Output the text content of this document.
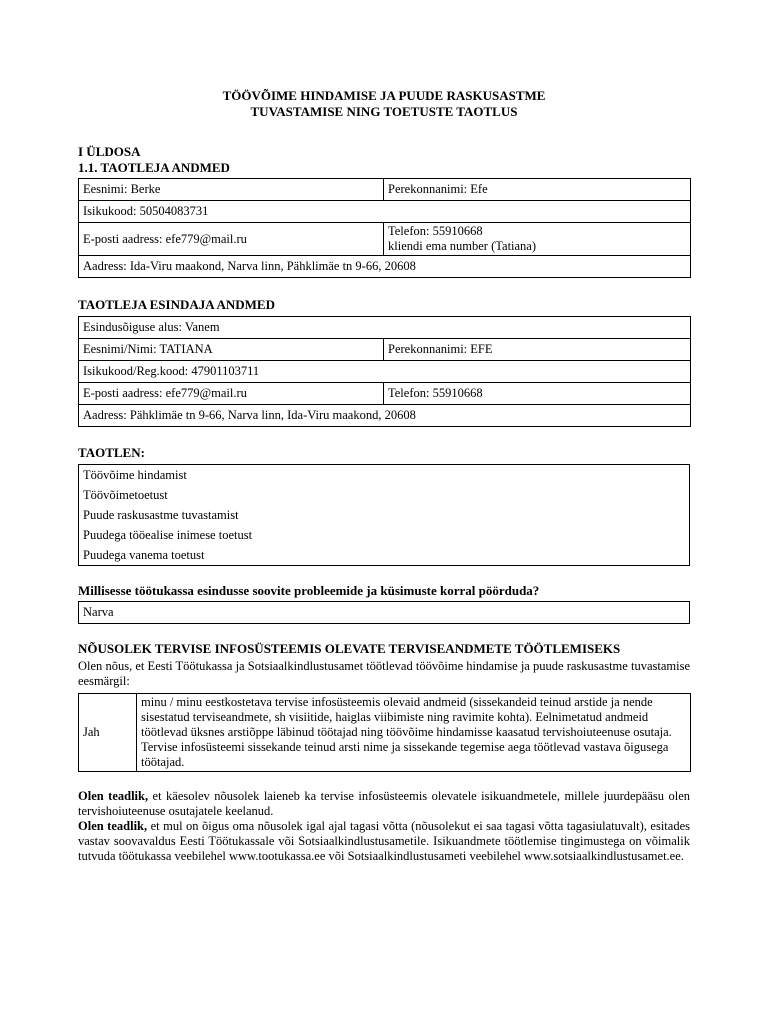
TÖÖVÕIME HINDAMISE JA PUUDE RASKUSASTME
TUVASTAMISE NING TOETUSTE TAOTLUS
I ÜLDOSA
1.1. TAOTLEJA ANDMED
Eesnimi: Berke	Perekonnanimi: Efe
Isikukood: 50504083731	
E-posti aadress: efe779@mail.ru	Telefon: 55910668
kliendi ema number (Tatiana)

Aadress: Ida-Viru maakond, Narva linn, Pähklimäe tn 9-66, 20608	
TAOTLEJA ESINDAJA ANDMED
Esindusõiguse alus: Vanem	
Eesnimi/Nimi: TATIANA	Perekonnanimi: EFE
Isikukood/Reg.kood: 47901103711	
E-posti aadress: efe779@mail.ru	Telefon: 55910668
Aadress: Pähklimäe tn 9-66, Narva linn, Ida-Viru maakond, 20608	
TAOTLEN:
Töövõime hindamist
Töövõimetoetust
Puude raskusastme tuvastamist
Puudega tööealise inimese toetust
Puudega vanema toetust
Millisesse töötukassa esindusse soovite probleemide ja küsimuste korral pöörduda?
Narva
NÕUSOLEK TERVISE INFOSÜSTEEMIS OLEVATE TERVISEANDMETE TÖÖTLEMISEKS

Olen nõus, et Eesti Töötukassa ja Sotsiaalkindlustusamet töötlevad töövõime hindamise ja puude raskusastme tuvastamise eesmärgil:

Jah	minu / minu eestkostetava tervise infosüsteemis olevaid andmeid (sissekandeid teinud arstide ja nende sisestatud terviseandmete, sh visiitide, haiglas viibimiste ning ravimite kohta). Eelnimetatud andmeid töötlevad üksnes arstiõppe läbinud töötajad ning töövõime hindamisse kaasatud tervishoiuteenuse osutaja. Tervise infosüsteemi sissekande teinud arsti nime ja sissekande tegemise aega töötlevad vastava õigusega töötajad.

Olen teadlik, et käesolev nõusolek laieneb ka tervise infosüsteemis olevatele isikuandmetele, millele juurdepääsu olen tervishoiuteenuse osutajatele keelanud.

Olen teadlik, et mul on õigus oma nõusolek igal ajal tagasi võtta (nõusolekut ei saa tagasi võtta tagasiulatuvalt), esitades vastav soovavaldus Eesti Töötukassale või Sotsiaalkindlustusametile. Isikuandmete töötlemise tingimustega on võimalik tutvuda töötukassa veebilehel www.tootukassa.ee või Sotsiaalkindlustusameti veebilehel www.sotsiaalkindlustusamet.ee.
